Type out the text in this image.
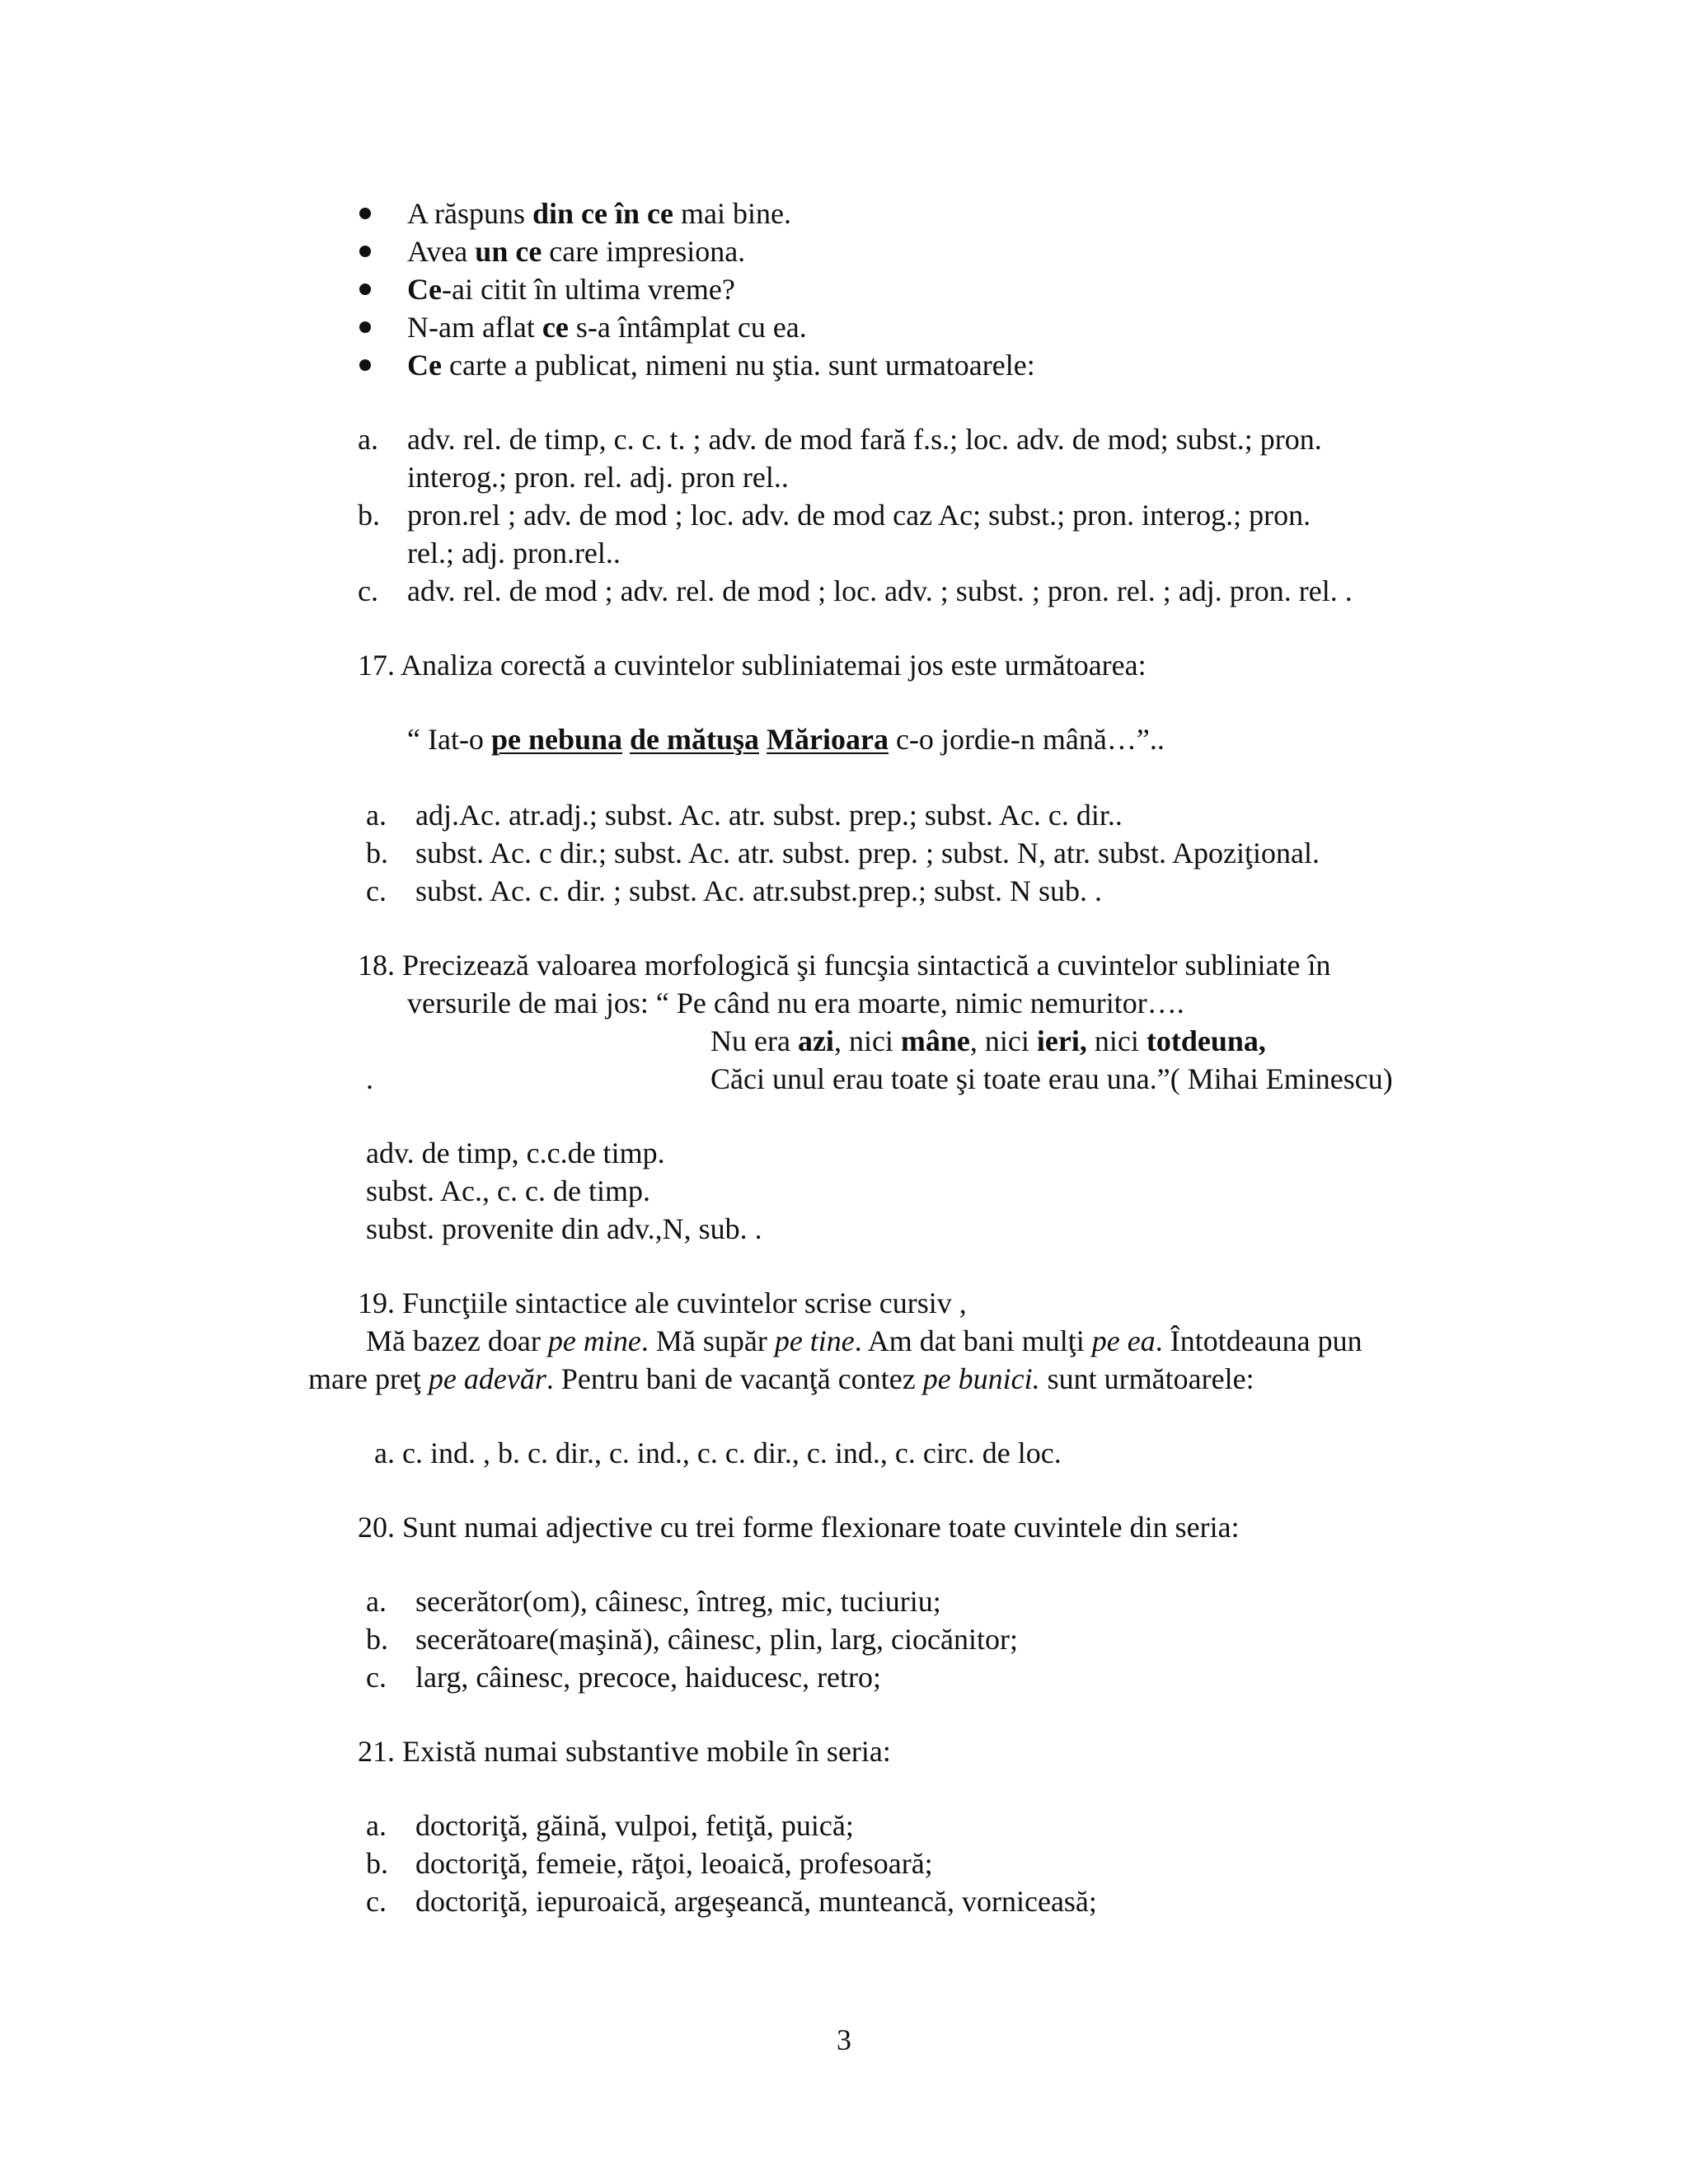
A răspuns din ce în ce mai bine.
Avea un ce care impresiona.
Ce-ai citit în ultima vreme?
N-am aflat ce s-a întâmplat cu ea.
Ce carte a publicat, nimeni nu ştia. sunt urmatoarele:
a. adv. rel. de timp, c. c. t. ; adv. de mod fară f.s.; loc. adv. de mod; subst.; pron.
interog.; pron. rel. adj. pron rel..
b. pron.rel ; adv. de mod ; loc. adv. de mod caz Ac; subst.; pron. interog.; pron.
rel.; adj. pron.rel..
c. adv. rel. de mod ; adv. rel. de mod ; loc. adv. ; subst. ; pron. rel. ; adj. pron. rel. .
17. Analiza corectă a cuvintelor subliniatemai jos este următoarea:
“ Iat-o pe nebuna de mătuşa Mărioara c-o jordie-n mână…”..
a. adj.Ac. atr.adj.; subst. Ac. atr. subst. prep.; subst. Ac. c. dir..
b. subst. Ac. c dir.; subst. Ac. atr. subst. prep. ; subst. N, atr. subst. Apoziţional.
c. subst. Ac. c. dir. ; subst. Ac. atr.subst.prep.; subst. N sub. .
18. Precizează valoarea morfologică şi funcşia sintactică a cuvintelor subliniate în
versurile de mai jos: “ Pe când nu era moarte, nimic nemuritor….
Nu era azi, nici mâne, nici ieri, nici totdeuna,
.	Căci unul erau toate şi toate erau una.”( Mihai Eminescu)
adv. de timp, c.c.de timp.
subst. Ac., c. c. de timp.
subst. provenite din adv.,N, sub. .
19. Funcţiile sintactice ale cuvintelor scrise cursiv ,
Mă bazez doar pe mine. Mă supăr pe tine. Am dat bani mulţi pe ea. Întotdeauna pun
mare preţ pe adevăr. Pentru bani de vacanţă contez pe bunici. sunt următoarele:
a. c. ind. , b. c. dir., c. ind., c. c. dir., c. ind., c. circ. de loc.
20. Sunt numai adjective cu trei forme flexionare toate cuvintele din seria:
a. secerător(om), câinesc, întreg, mic, tuciuriu;
b. secerătoare(maşină), câinesc, plin, larg, ciocănitor;
c. larg, câinesc, precoce, haiducesc, retro;
21. Există numai substantive mobile în seria:
a. doctoriţă, găină, vulpoi, fetiţă, puică;
b. doctoriţă, femeie, răţoi, leoaică, profesoară;
c. doctoriţă, iepuroaică, argeşeancă, munteancă, vorniceasă;
3
